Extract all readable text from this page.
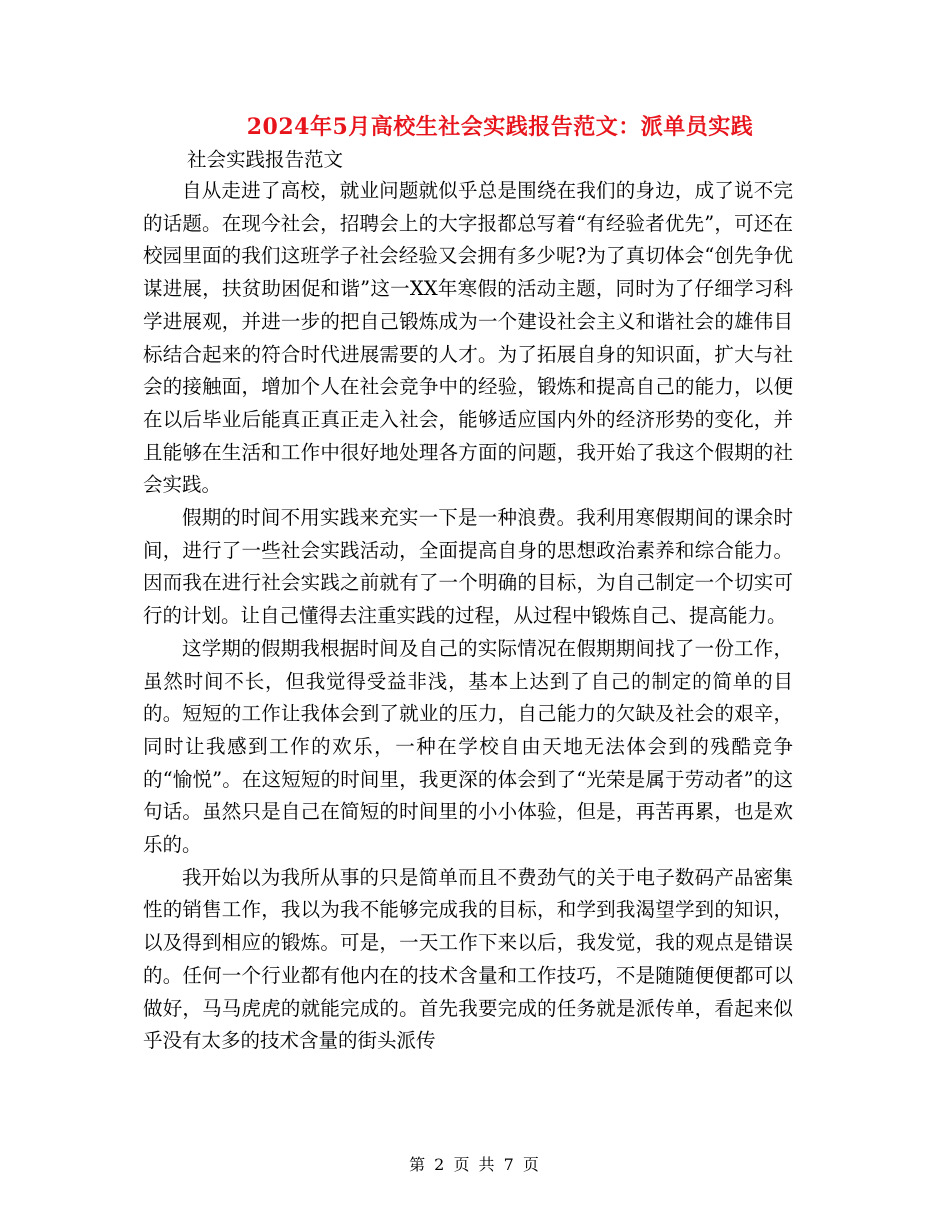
2024年5月高校生社会实践报告范文：派单员实践
社会实践报告范文

自从走进了高校，就业问题就似乎总是围绕在我们的身边，成了说不完的话题。在现今社会，招聘会上的大字报都总写着“有经验者优先”，可还在校园里面的我们这班学子社会经验又会拥有多少呢?为了真切体会“创先争优谋进展，扶贫助困促和谐”这一XX年寒假的活动主题，同时为了仔细学习科学进展观，并进一步的把自己锻炼成为一个建设社会主义和谐社会的雄伟目标结合起来的符合时代进展需要的人才。为了拓展自身的知识面，扩大与社会的接触面，增加个人在社会竞争中的经验，锻炼和提高自己的能力，以便在以后毕业后能真正真正走入社会，能够适应国内外的经济形势的变化，并且能够在生活和工作中很好地处理各方面的问题，我开始了我这个假期的社会实践。

假期的时间不用实践来充实一下是一种浪费。我利用寒假期间的课余时间，进行了一些社会实践活动，全面提高自身的思想政治素养和综合能力。因而我在进行社会实践之前就有了一个明确的目标，为自己制定一个切实可行的计划。让自己懂得去注重实践的过程，从过程中锻炼自己、提高能力。

这学期的假期我根据时间及自己的实际情况在假期期间找了一份工作，虽然时间不长，但我觉得受益非浅，基本上达到了自己的制定的简单的目的。短短的工作让我体会到了就业的压力，自己能力的欠缺及社会的艰辛，同时让我感到工作的欢乐，一种在学校自由天地无法体会到的残酷竞争的“愉悦”。在这短短的时间里，我更深的体会到了“光荣是属于劳动者”的这句话。虽然只是自己在简短的时间里的小小体验，但是，再苦再累，也是欢乐的。

我开始以为我所从事的只是简单而且不费劲气的关于电子数码产品密集性的销售工作，我以为我不能够完成我的目标，和学到我渴望学到的知识，以及得到相应的锻炼。可是，一天工作下来以后，我发觉，我的观点是错误的。任何一个行业都有他内在的技术含量和工作技巧，不是随随便便都可以做好，马马虎虎的就能完成的。首先我要完成的任务就是派传单，看起来似乎没有太多的技术含量的街头派传

第 2 页 共 7 页
